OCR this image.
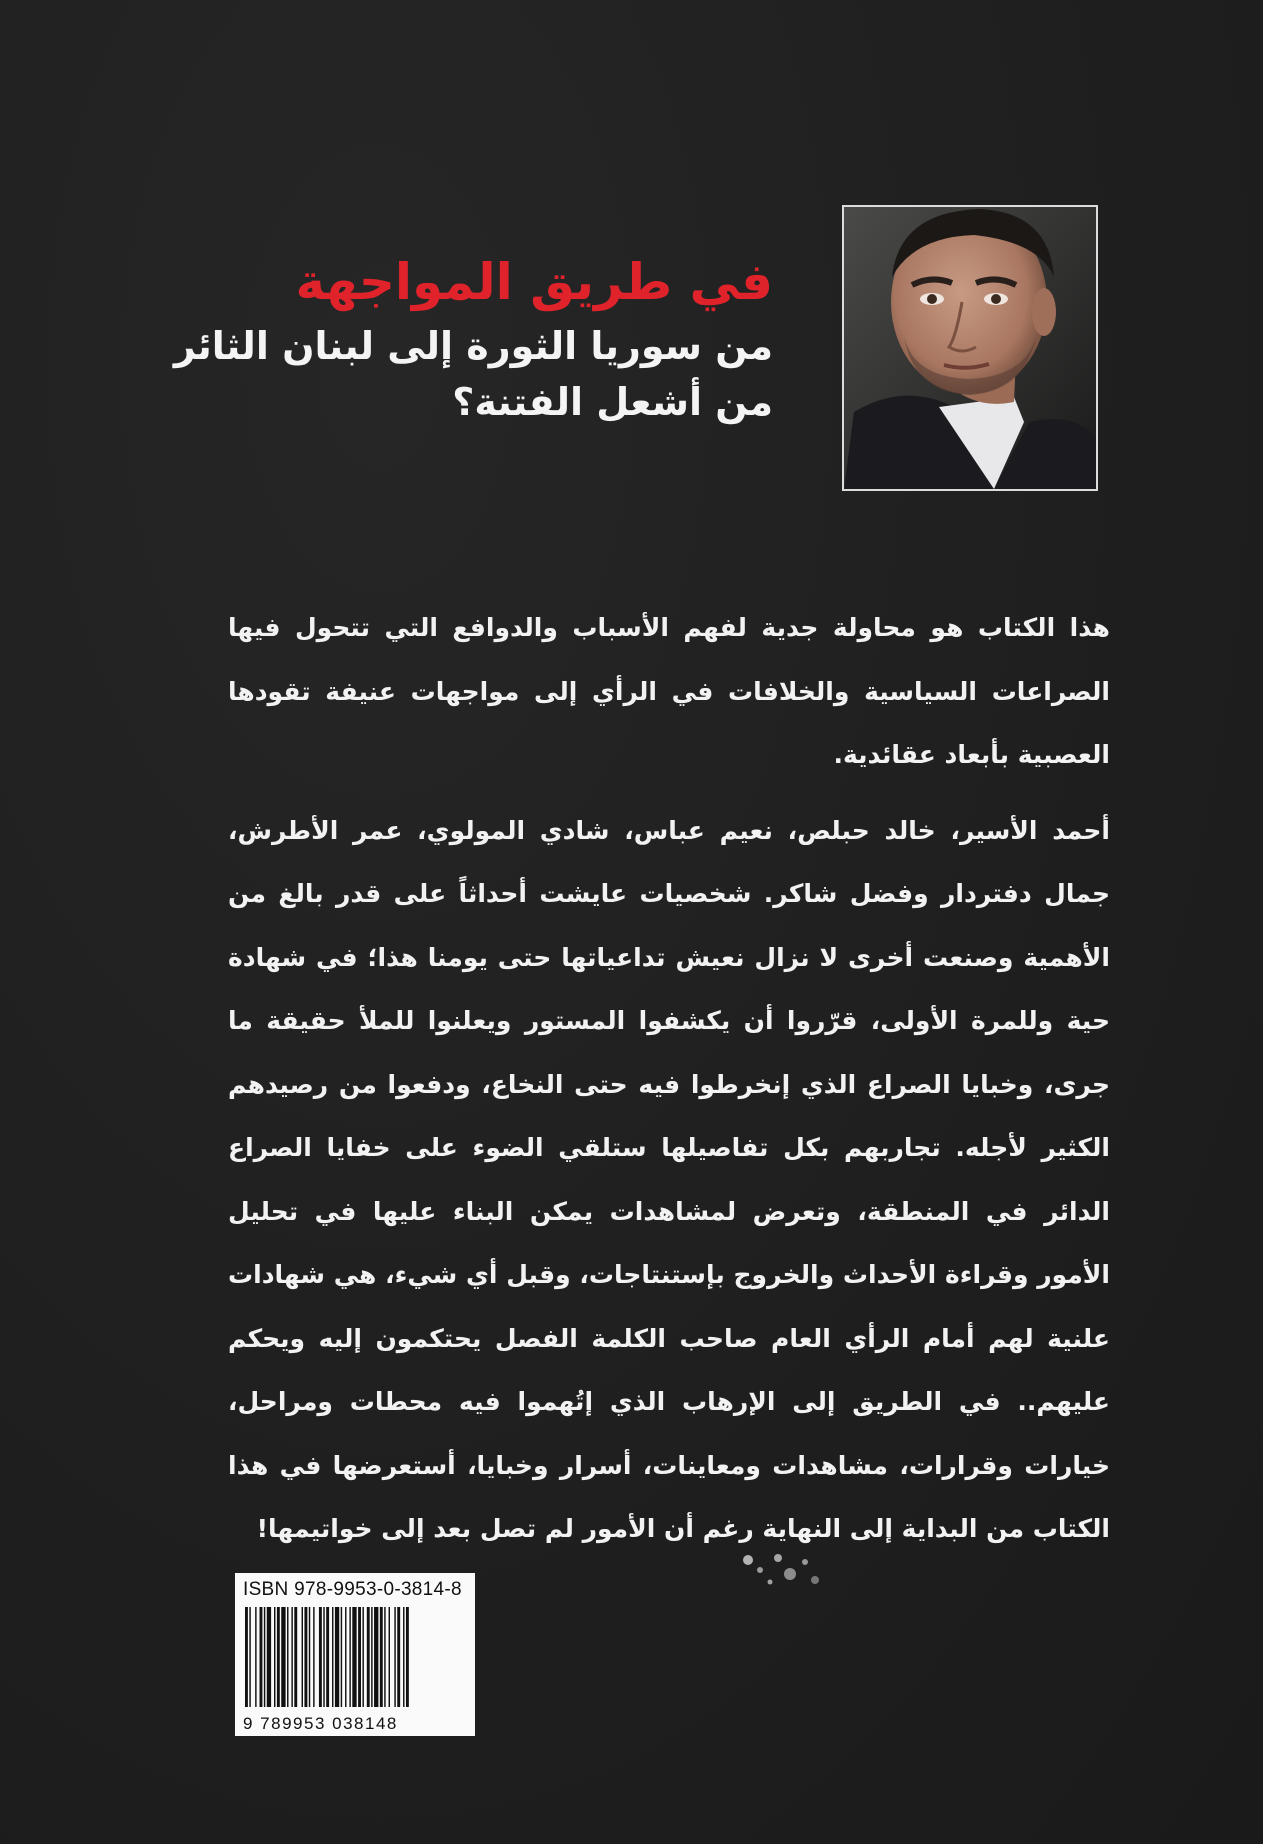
في طريق المواجهة
من سوريا الثورة إلى لبنان الثائر
من أشعل الفتنة؟

هذا الكتاب هو محاولة جدية لفهم الأسباب والدوافع التي تتحول فيها الصراعات السياسية والخلافات في الرأي إلى مواجهات عنيفة تقودها العصبية بأبعاد عقائدية.

أحمد الأسير، خالد حبلص، نعيم عباس، شادي المولوي، عمر الأطرش، جمال دفتردار وفضل شاكر. شخصيات عايشت أحداثاً على قدر بالغ من الأهمية وصنعت أخرى لا نزال نعيش تداعياتها حتى يومنا هذا؛ في شهادة حية وللمرة الأولى، قرّروا أن يكشفوا المستور ويعلنوا للملأ حقيقة ما جرى، وخبايا الصراع الذي إنخرطوا فيه حتى النخاع، ودفعوا من رصيدهم الكثير لأجله. تجاربهم بكل تفاصيلها ستلقي الضوء على خفايا الصراع الدائر في المنطقة، وتعرض لمشاهدات يمكن البناء عليها في تحليل الأمور وقراءة الأحداث والخروج بإستنتاجات، وقبل أي شيء، هي شهادات علنية لهم أمام الرأي العام صاحب الكلمة الفصل يحتكمون إليه ويحكم عليهم.. في الطريق إلى الإرهاب الذي إتُهموا فيه محطات ومراحل، خيارات وقرارات، مشاهدات ومعاينات، أسرار وخبايا، أستعرضها في هذا الكتاب من البداية إلى النهاية رغم أن الأمور لم تصل بعد إلى خواتيمها!

ISBN 978-9953-0-3814-8
9 789953 038148
